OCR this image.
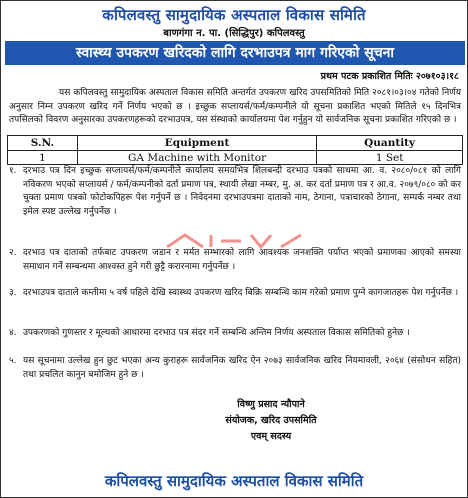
कपिलवस्तु सामुदायिक अस्पताल विकास समिति
बाणगंगा न. पा. (सिद्धिपुर) कपिलवस्तु
स्वास्थ्य उपकरण खरिदको लागि दरभाउपत्र माग गरिएको सूचना
प्रथम पटक प्रकाशित मितिः २०७१०३।१८
यस कपिलवस्तु सामुदायिक अस्पताल विकास समिति अन्तर्गत उपकरण खरिद उपसमितिको मिति २०८१।०३।०४ गतेको निर्णय अनुसार निम्न उपकरण खरिद गर्ने निर्णय भएको छ । इच्छुक सप्लायर्स/फर्म/कम्पनीले यो सूचना प्रकाशित भएको मितिले १५ दिनभित्र तपसिलको विवरण अनुसारका उपकरणहरूको दरभाउपत्र, यस संस्थाको कार्यालयमा पेश गर्नुहुन यो सार्वजनिक सूचना प्रकाशित गरिएको छ ।
S.N.	Equipment	Quantity
1	GA Machine with Monitor	1 Set
१. दरभाउ पत्र दिन इच्छुक सप्लायर्स/फर्म/कम्पनीले कार्यालय समयभित्र शिलबन्दी दरभाउ पत्रको साथमा आ. व. २०८०/०८१ को लागि नविकरण भएको सप्लायर्स / फर्म/कम्पनीको दर्ता प्रमाण पत्र, स्थायी लेखा नम्बर, मु. अ. कर दर्ता प्रमाण पत्र र आ.व. २०७९/०८० को कर चुक्ता प्रमाण पत्रको फोटोकपिहरू पेश गर्नुपर्ने छ । निवेदनमा दरभाउपत्रमा दाताको नाम, ठेगाना, पत्राचारको ठेगाना, सम्पर्क नम्बर तथा इमेल स्पष्ट उल्लेख गर्नुपर्नेछ ।
२. दरभाउ पत्र दाताको तर्फबाट उपकरण जडान र मर्मत सम्भारको लागि आवश्यक जनशक्ति पर्याप्त भएको प्रमाणका आएको समस्या समाधान गर्ने सम्बन्धमा आश्वस्त हुने गरी छुट्टै करारनामा गर्नुपर्नेछ ।
३. दरभाउपत्र दाताले कम्तीमा ५ वर्ष पहिले देखि स्वास्थ्य उपकरण खरिद बिक्रि सम्बन्धि काम गरेको प्रमाण पुग्ने कागजातहरू पेश गर्नुपर्नेछ ।
४. उपकरणको गुणस्तर र मूल्यको आधारमा दरभाउ पत्र संदर गर्ने सम्बन्धि अन्तिम निर्णय अस्पताल विकास समितिको हुनेछ ।
५. यस सूचनामा उल्लेख हुन छुट भएका अन्य कुराहरू सार्वजनिक खरिद ऐन २०७३ सार्वजनिक खरिद नियमावली, २०६४ (संसोधन सहित) तथा प्रचलित कानुन बमोजिम हुने छ ।
विष्णु प्रसाद न्यौपाने
संयोजक, खरिद उपसमिति
एवम् सदस्य
कपिलवस्तु सामुदायिक अस्पताल विकास समिति
